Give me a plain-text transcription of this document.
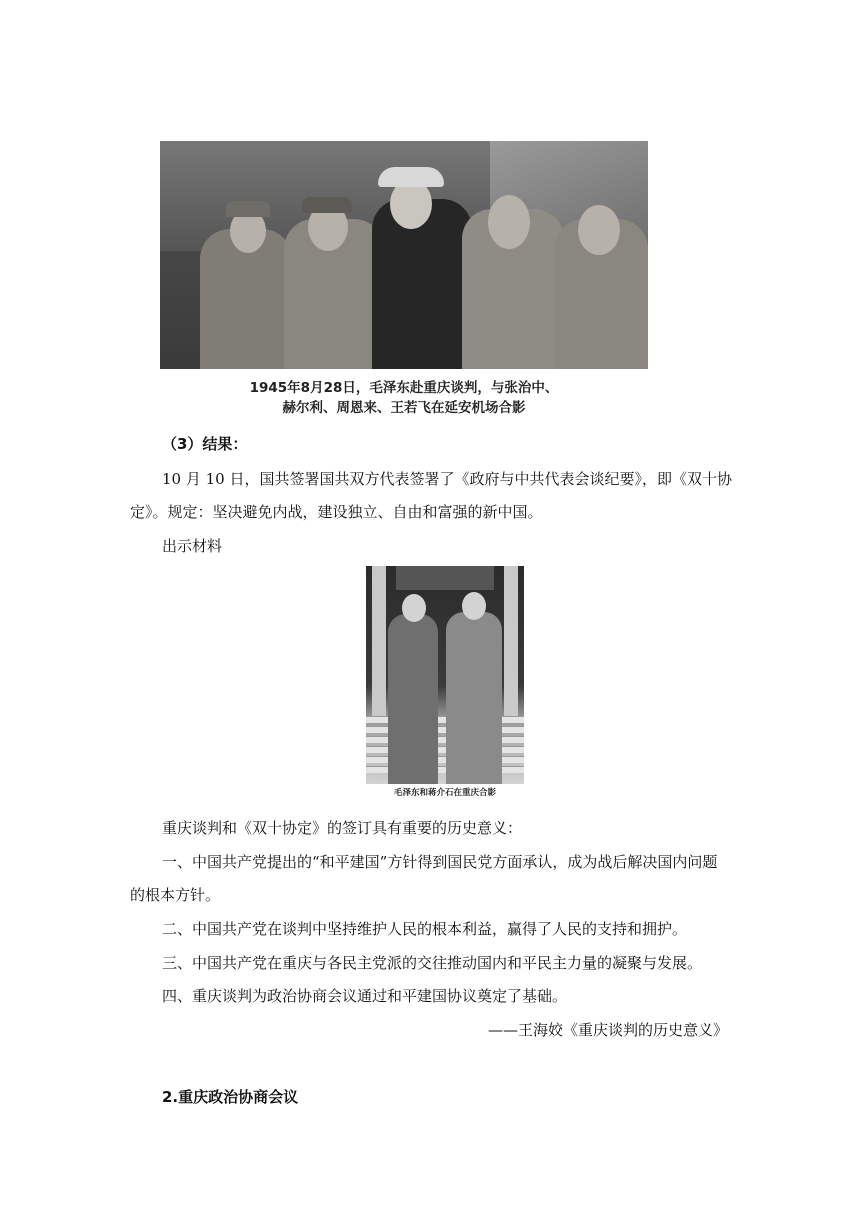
1945年8月28日，毛泽东赴重庆谈判，与张治中、
赫尔利、周恩来、王若飞在延安机场合影
（3）结果：
10 月 10 日，国共签署国共双方代表签署了《政府与中共代表会谈纪要》，即《双十协
定》。规定：坚决避免内战，建设独立、自由和富强的新中国。
出示材料
毛泽东和蒋介石在重庆合影
重庆谈判和《双十协定》的签订具有重要的历史意义：
一、中国共产党提出的“和平建国”方针得到国民党方面承认，成为战后解决国内问题
的根本方针。
二、中国共产党在谈判中坚持维护人民的根本利益，赢得了人民的支持和拥护。
三、中国共产党在重庆与各民主党派的交往推动国内和平民主力量的凝聚与发展。
四、重庆谈判为政治协商会议通过和平建国协议奠定了基础。
——王海姣《重庆谈判的历史意义》
2.重庆政治协商会议
